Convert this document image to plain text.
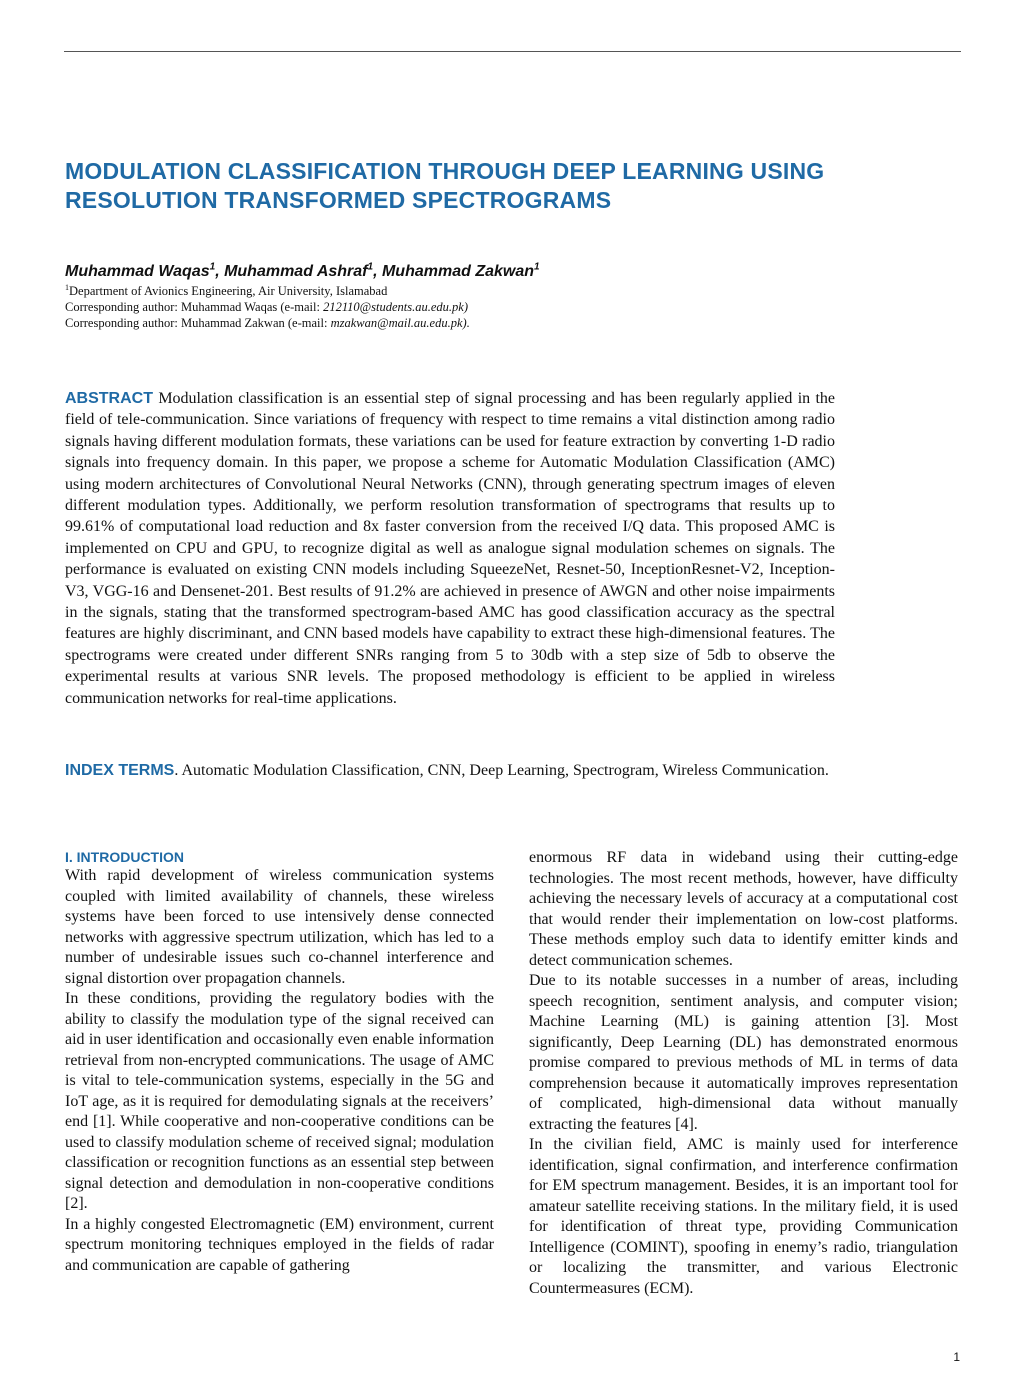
MODULATION CLASSIFICATION THROUGH DEEP LEARNING USING
RESOLUTION TRANSFORMED SPECTROGRAMS

Muhammad Waqas$^1$, Muhammad Ashraf$^1$, Muhammad Zakwan$^1$

$^1$Department of Avionics Engineering, Air University, Islamabad
Corresponding author: Muhammad Waqas (e-mail: 212110@students.au.edu.pk)
Corresponding author: Muhammad Zakwan (e-mail: mzakwan@mail.au.edu.pk).

ABSTRACT Modulation classification is an essential step of signal processing and has been regularly applied in the field of tele-communication. Since variations of frequency with respect to time remains a vital distinction among radio signals having different modulation formats, these variations can be used for feature extraction by converting 1-D radio signals into frequency domain. In this paper, we propose a scheme for Automatic Modulation Classification (AMC) using modern architectures of Convolutional Neural Networks (CNN), through generating spectrum images of eleven different modulation types. Additionally, we perform resolution transformation of spectrograms that results up to 99.61% of computational load reduction and 8x faster conversion from the received I/Q data. This proposed AMC is implemented on CPU and GPU, to recognize digital as well as analogue signal modulation schemes on signals. The performance is evaluated on existing CNN models including SqueezeNet, Resnet-50, InceptionResnet-V2, Inception-V3, VGG-16 and Densenet-201. Best results of 91.2% are achieved in presence of AWGN and other noise impairments in the signals, stating that the transformed spectrogram-based AMC has good classification accuracy as the spectral features are highly discriminant, and CNN based models have capability to extract these high-dimensional features. The spectrograms were created under different SNRs ranging from 5 to 30db with a step size of 5db to observe the experimental results at various SNR levels. The proposed methodology is efficient to be applied in wireless communication networks for real-time applications.

INDEX TERMS. Automatic Modulation Classification, CNN, Deep Learning, Spectrogram, Wireless Communication.

I. INTRODUCTION

With rapid development of wireless communication systems coupled with limited availability of channels, these wireless systems have been forced to use intensively dense connected networks with aggressive spectrum utilization, which has led to a number of undesirable issues such co-channel interference and signal distortion over propagation channels.

In these conditions, providing the regulatory bodies with the ability to classify the modulation type of the signal received can aid in user identification and occasionally even enable information retrieval from non-encrypted communications. The usage of AMC is vital to tele-communication systems, especially in the 5G and IoT age, as it is required for demodulating signals at the receivers’ end [1]. While cooperative and non-cooperative conditions can be used to classify modulation scheme of received signal; modulation classification or recognition functions as an essential step between signal detection and demodulation in non-cooperative conditions [2].

In a highly congested Electromagnetic (EM) environment, current spectrum monitoring techniques employed in the fields of radar and communication are capable of gathering

enormous RF data in wideband using their cutting-edge technologies. The most recent methods, however, have difficulty achieving the necessary levels of accuracy at a computational cost that would render their implementation on low-cost platforms. These methods employ such data to identify emitter kinds and detect communication schemes.

Due to its notable successes in a number of areas, including speech recognition, sentiment analysis, and computer vision; Machine Learning (ML) is gaining attention [3]. Most significantly, Deep Learning (DL) has demonstrated enormous promise compared to previous methods of ML in terms of data comprehension because it automatically improves representation of complicated, high-dimensional data without manually extracting the features [4].

In the civilian field, AMC is mainly used for interference identification, signal confirmation, and interference confirmation for EM spectrum management. Besides, it is an important tool for amateur satellite receiving stations. In the military field, it is used for identification of threat type, providing Communication Intelligence (COMINT), spoofing in enemy’s radio, triangulation or localizing the transmitter, and various Electronic Countermeasures (ECM).

1
